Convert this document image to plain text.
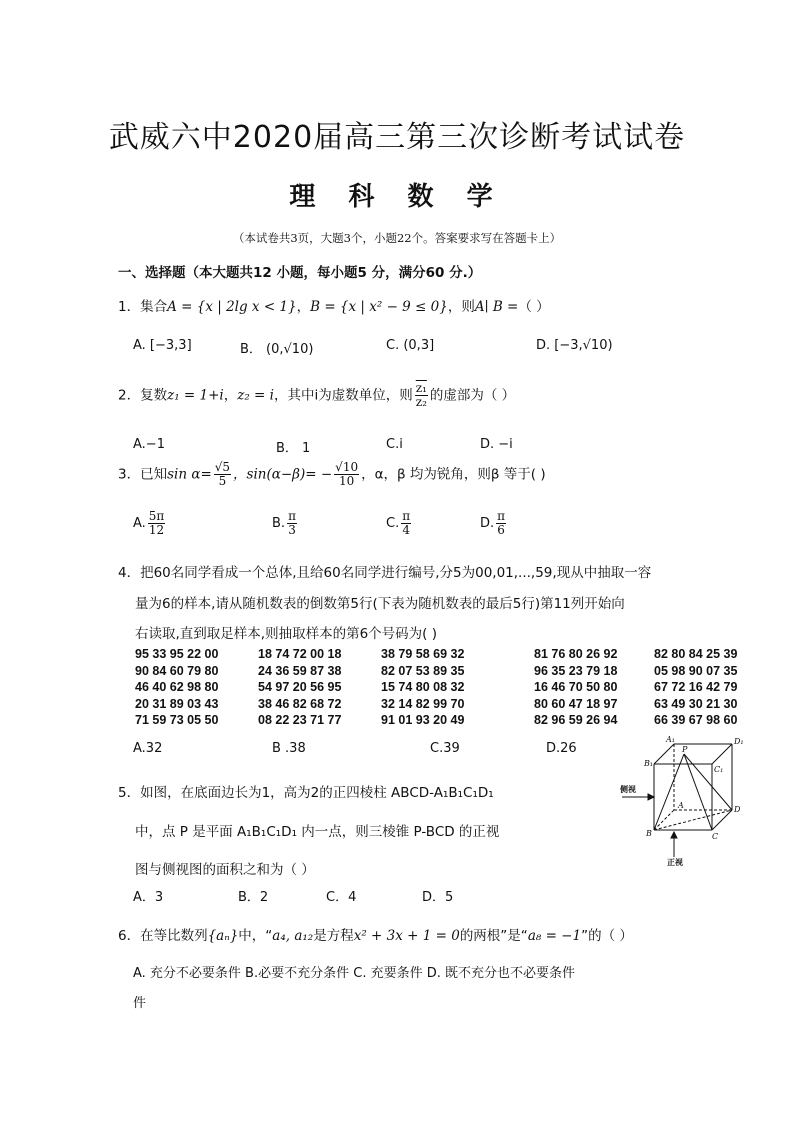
武威六中2020届高三第三次诊断考试试卷
理 科 数 学
（本试卷共3页，大题3个，小题22个。答案要求写在答题卡上）
一、选择题（本大题共12 小题，每小题5 分，满分60 分.）
1．集合A = {x | 2lg x < 1}，B = {x | x² − 9 ≤ 0}，则A∣ B =（ ）
A. [−3,3]	B． (0,√10)	C. (0,3]	D. [−3,√10)
2．复数z₁ = 1+i，z₂ = i，其中i为虚数单位，则 $\frac{\text{z₁}}{\text{z₂}}$ 的虚部为（ ）
A.−1	B． 1	C.i	D. −i
3．已知$\sin \alpha= \frac{√5}{5}$ ，$\sin(\alpha-\beta)= - \frac{√10}{10}$ ，α，β 均为锐角，则β 等于( )
A. $\frac{5\pi}{12}$	B. $\frac{\pi}{3}$	C. $\frac{\pi}{4}$	D. $\frac{\pi}{6}$
4．把60名同学看成一个总体,且给60名同学进行编号,分5为00,01,...,59,现从中抽取一容
量为6的样本,请从随机数表的倒数第5行(下表为随机数表的最后5行)第11列开始向
右读取,直到取足样本,则抽取样本的第6个号码为( )
95 33 95 22 00	18 74 72 00 18	38 79 58 69 32	81 76 80 26 92	82 80 84 25 39
90 84 60 79 80	24 36 59 87 38	82 07 53 89 35	96 35 23 79 18	05 98 90 07 35
46 40 62 98 80	54 97 20 56 95	15 74 80 08 32	16 46 70 50 80	67 72 16 42 79
20 31 89 03 43	38 46 82 68 72	32 14 82 99 70	80 60 47 18 97	63 49 30 21 30
71 59 73 05 50	08 22 23 71 77	91 01 93 20 49	82 96 59 26 94	66 39 67 98 60
A.32	B .38	C.39	D.26
A₁	D₁
B₁
C₁
P
A	D
B	C
侧视
正视
5．如图，在底面边长为1，高为2的正四棱柱 ABCD-A₁B₁C₁D₁
中，点 P 是平面 A₁B₁C₁D₁ 内一点，则三棱锥 P-BCD 的正视
图与侧视图的面积之和为（ ）
A．3	B．2	C．4	D．5
6．在等比数列{aₙ}中，“a₄, a₁₂是方程x² + 3x + 1 = 0的两根”是“a₈ = −1”的（ ）
A. 充分不必要条件 B.必要不充分条件 C. 充要条件 D. 既不充分也不必要条件
件
